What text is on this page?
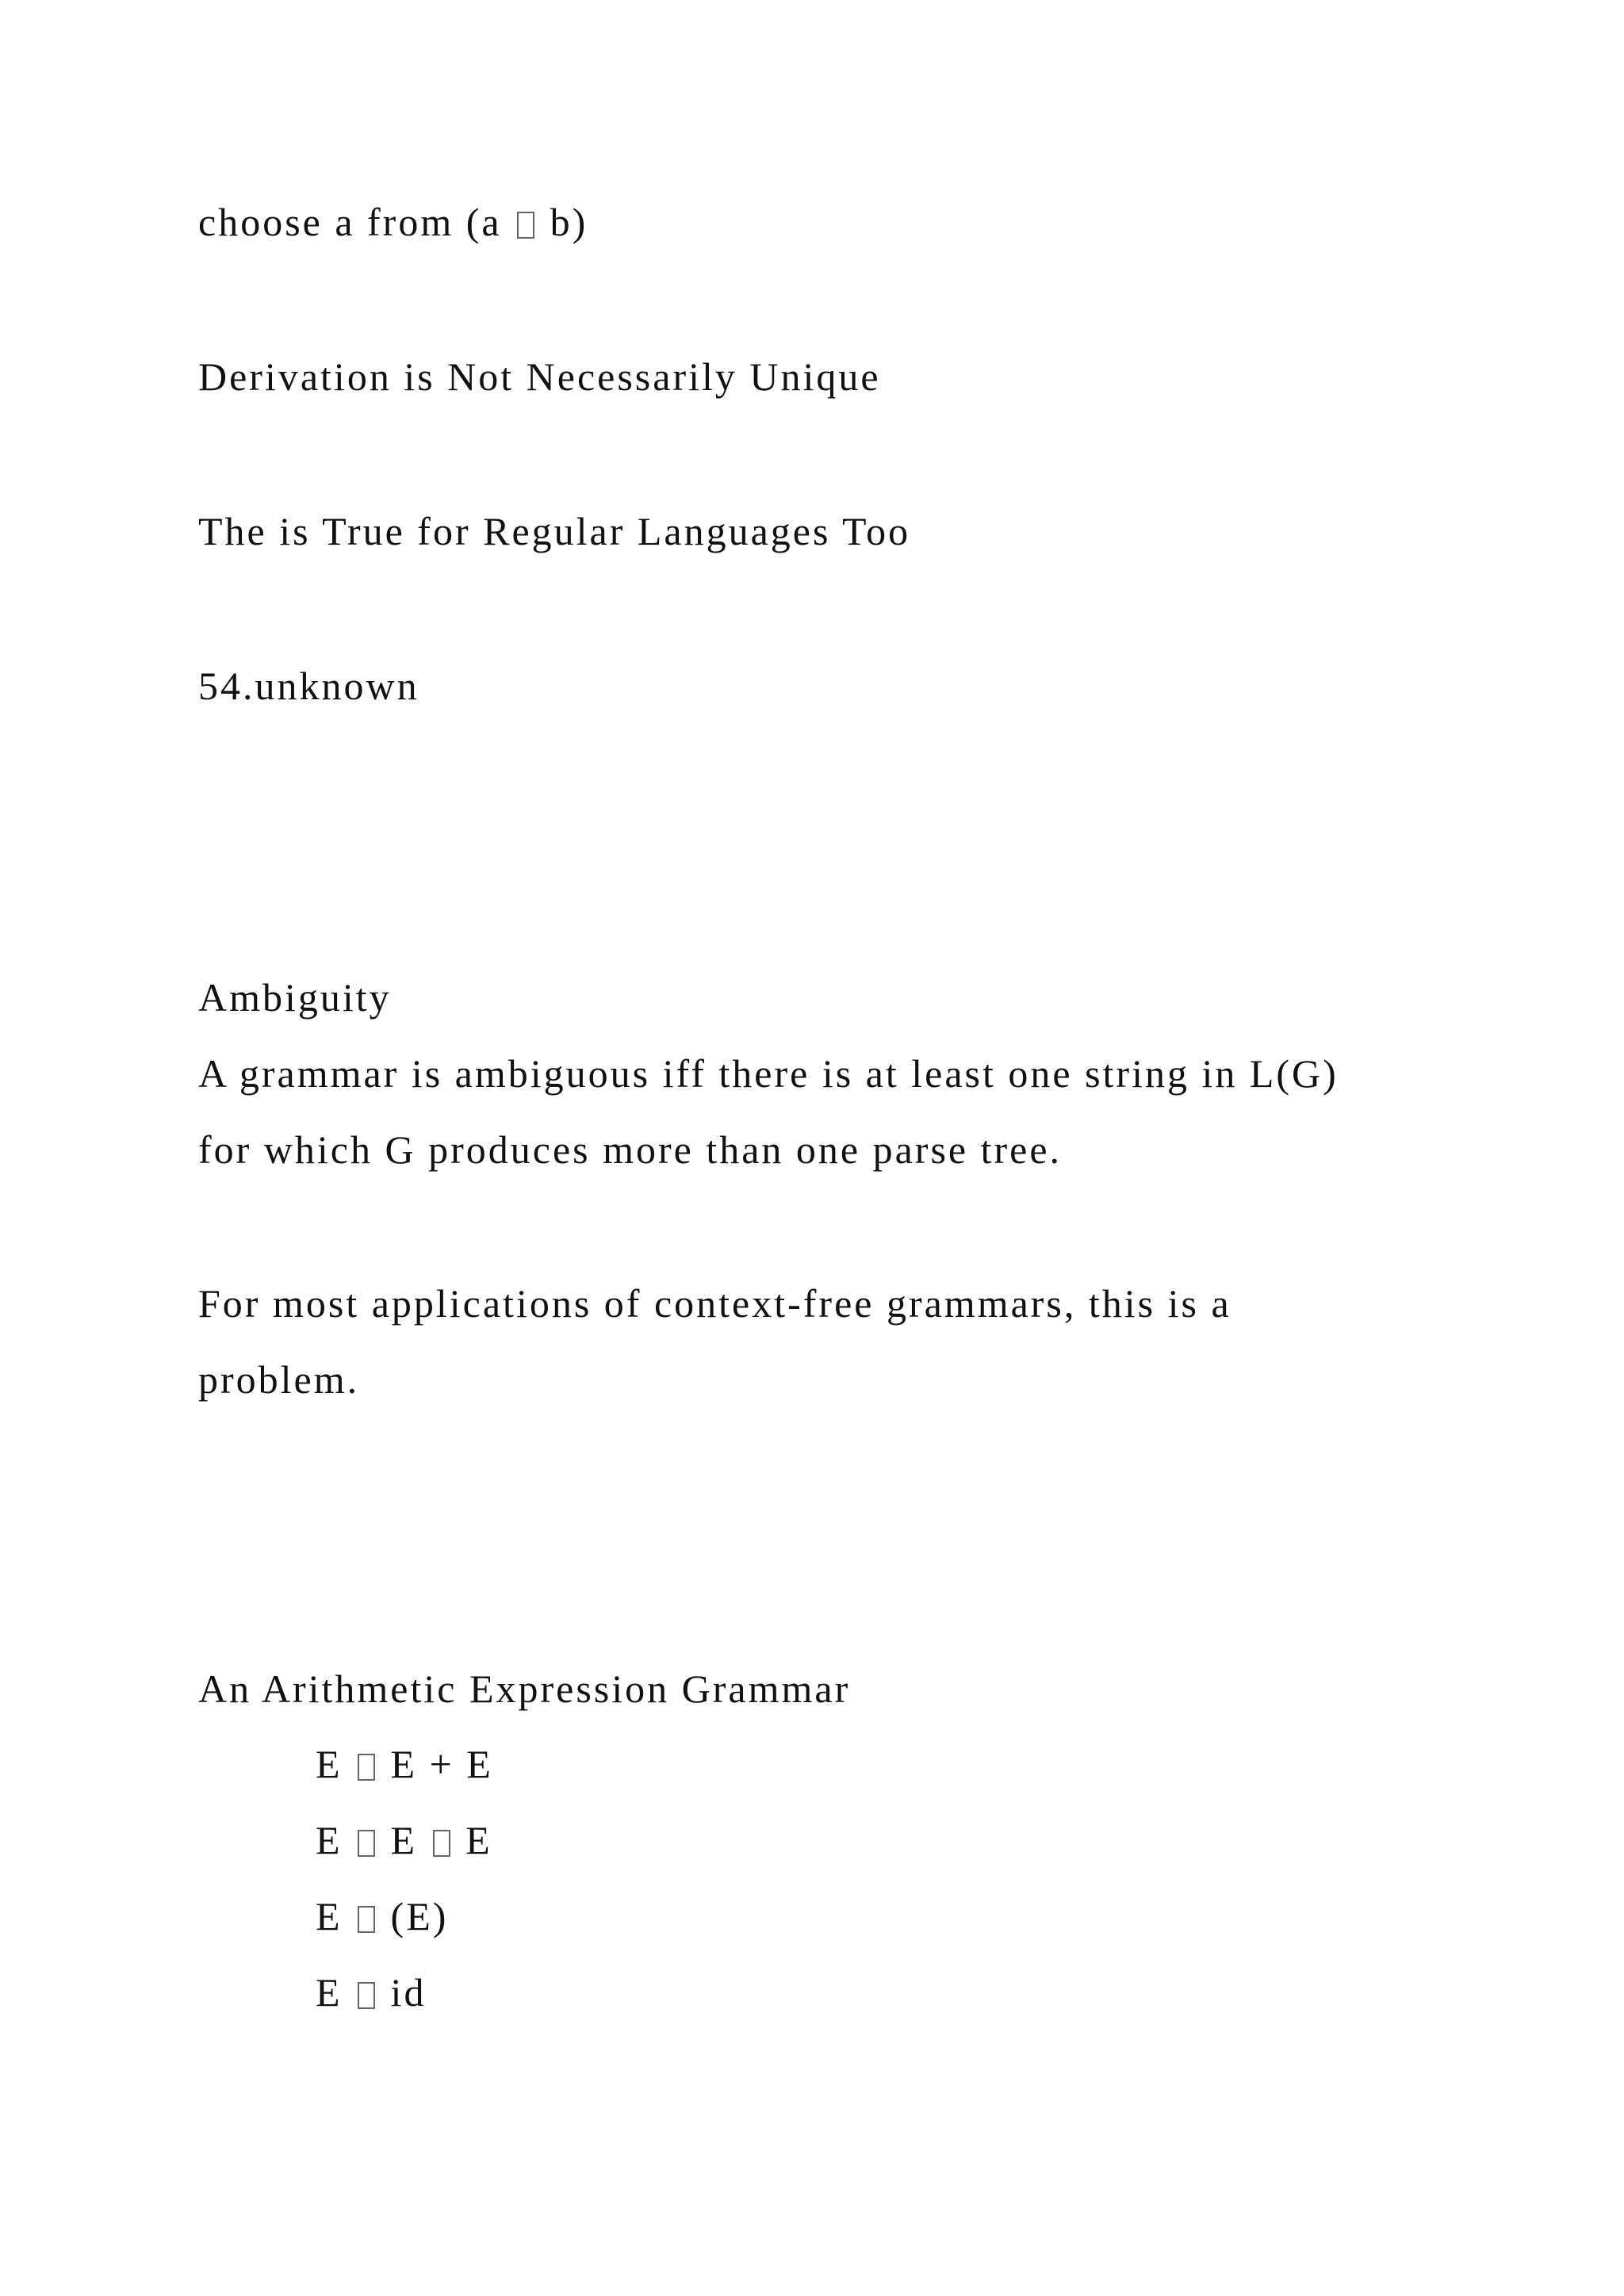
choose a from (a  b)
Derivation is Not Necessarily Unique
The is True for Regular Languages Too
54.unknown
Ambiguity
A grammar is ambiguous iff there is at least one string in L(G)
for which G produces more than one parse tree.
For most applications of context-free grammars, this is a
problem.
An Arithmetic Expression Grammar
E E + E
E E E
E (E)
E id
